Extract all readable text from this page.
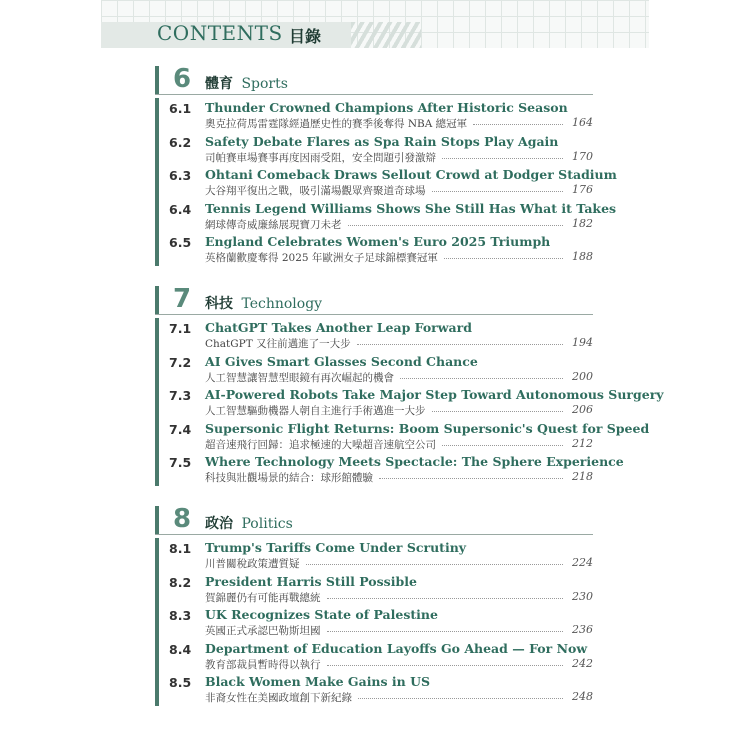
CONTENTS 目錄
6 體育 Sports
6.1 Thunder Crowned Champions After Historic Season
奧克拉荷馬雷霆隊經過歷史性的賽季後奪得 NBA 總冠軍	164
6.2 Safety Debate Flares as Spa Rain Stops Play Again
司帕賽車場賽事再度因雨受阻，安全問題引發激辯	170
6.3 Ohtani Comeback Draws Sellout Crowd at Dodger Stadium
大谷翔平復出之戰，吸引滿場觀眾齊聚道奇球場	176
6.4 Tennis Legend Williams Shows She Still Has What it Takes
網球傳奇威廉絲展現寶刀未老	182
6.5 England Celebrates Women's Euro 2025 Triumph
英格蘭歡慶奪得 2025 年歐洲女子足球錦標賽冠軍	188
7 科技 Technology
7.1 ChatGPT Takes Another Leap Forward
ChatGPT 又往前邁進了一大步	194
7.2 AI Gives Smart Glasses Second Chance
人工智慧讓智慧型眼鏡有再次崛起的機會	200
7.3 AI-Powered Robots Take Major Step Toward Autonomous Surgery
人工智慧驅動機器人朝自主進行手術邁進一大步	206
7.4 Supersonic Flight Returns: Boom Supersonic's Quest for Speed
超音速飛行回歸：追求極速的大噪超音速航空公司	212
7.5 Where Technology Meets Spectacle: The Sphere Experience
科技與壯觀場景的結合：球形館體驗	218
8 政治 Politics
8.1 Trump's Tariffs Come Under Scrutiny
川普關稅政策遭質疑	224
8.2 President Harris Still Possible
賀錦麗仍有可能再戰總統	230
8.3 UK Recognizes State of Palestine
英國正式承認巴勒斯坦國	236
8.4 Department of Education Layoffs Go Ahead — For Now
教育部裁員暫時得以執行	242
8.5 Black Women Make Gains in US
非裔女性在美國政壇創下新紀錄	248
